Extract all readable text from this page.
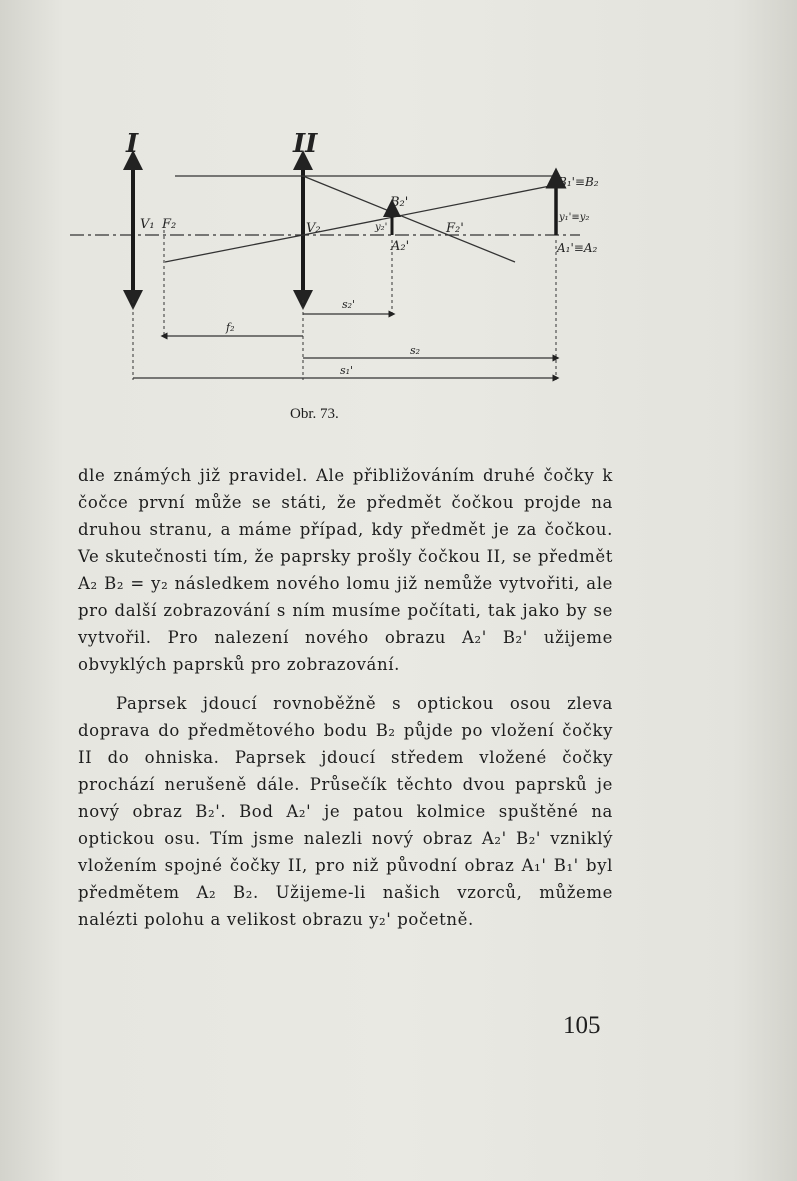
I	II
V₁ F₂	V₂
B₂'
y₂'
A₂'
F₂'
B₁'≡B₂
y₁'≡y₂
A₁'≡A₂
s₂'
f₂
s₂
s₁'
Obr. 73.

dle známých již pravidel. Ale přibližováním druhé čočky k čočce první může se státi, že předmět čočkou projde na druhou stranu, a máme případ, kdy předmět je za čočkou. Ve skutečnosti tím, že paprsky prošly čočkou II, se předmět A₂ B₂ = y₂ následkem nového lomu již nemůže vytvořiti, ale pro další zobrazování s ním musíme počítati, tak jako by se vytvořil. Pro nalezení nového obrazu A₂' B₂' užijeme obvyklých paprsků pro zobrazování.

Paprsek jdoucí rovnoběžně s optickou osou zleva doprava do předmětového bodu B₂ půjde po vložení čočky II do ohniska. Paprsek jdoucí středem vložené čočky prochází nerušeně dále. Průsečík těchto dvou paprsků je nový obraz B₂'. Bod A₂' je patou kolmice spuštěné na optickou osu. Tím jsme nalezli nový obraz A₂' B₂' vzniklý vložením spojné čočky II, pro niž původní obraz A₁' B₁' byl předmětem A₂ B₂. Užijeme-li našich vzorců, můžeme nalézti polohu a velikost obrazu y₂' početně.

105
